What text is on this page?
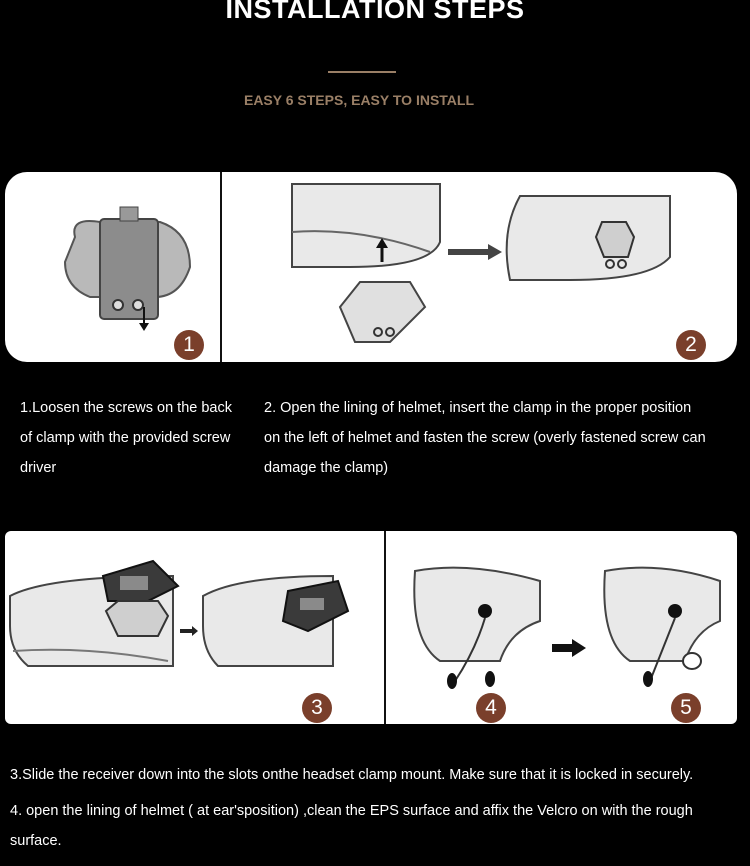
INSTALLATION STEPS
EASY 6 STEPS, EASY TO INSTALL
1	2
1.Loosen the screws on the back
of clamp with the provided screw
driver
2. Open the lining of helmet, insert the clamp in the proper position
on the left of helmet and fasten the screw (overly fastened screw can
damage the clamp)
3	4	5
3.Slide the receiver down into the slots onthe headset clamp mount. Make sure that it is locked in securely.
4. open the lining of helmet ( at ear'sposition) ,clean the EPS surface and affix the Velcro on with the rough
surface.
